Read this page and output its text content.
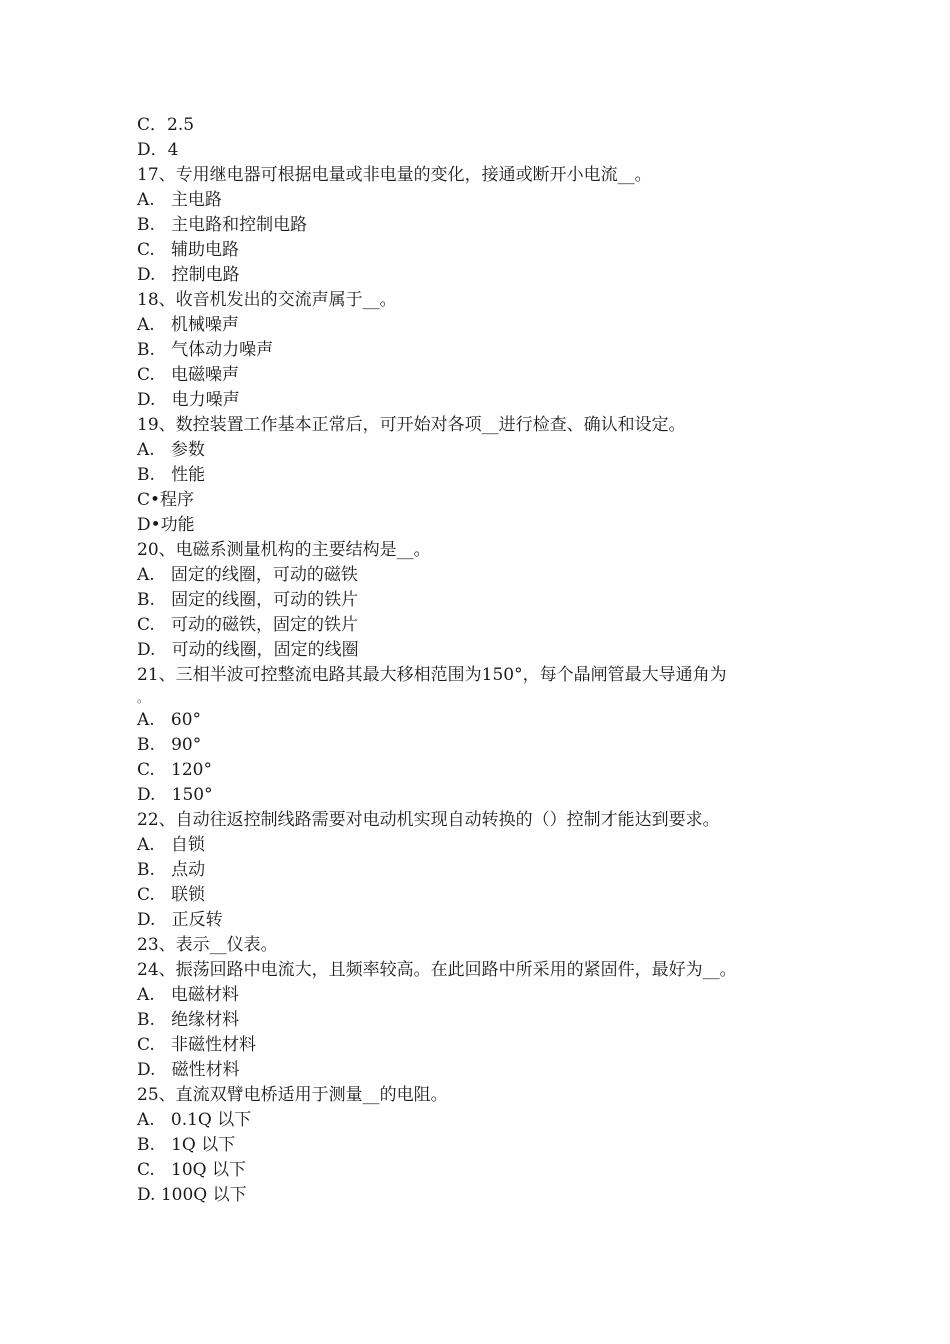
C．2.5
D．4
17、专用继电器可根据电量或非电量的变化，接通或断开小电流__。
A.   主电路
B.   主电路和控制电路
C.   辅助电路
D.   控制电路
18、收音机发出的交流声属于__。
A.   机械噪声
B.   气体动力噪声
C.   电磁噪声
D.   电力噪声
19、数控装置工作基本正常后，可开始对各项__进行检查、确认和设定。
A.   参数
B.   性能
C•程序
D•功能
20、电磁系测量机构的主要结构是__。
A.   固定的线圈，可动的磁铁
B.   固定的线圈，可动的铁片
C.   可动的磁铁，固定的铁片
D.   可动的线圈，固定的线圈
21、三相半波可控整流电路其最大移相范围为150°，每个晶闸管最大导通角为
。
A.   60°
B.   90°
C.   120°
D.   150°
22、自动往返控制线路需要对电动机实现自动转换的（）控制才能达到要求。
A.   自锁
B.   点动
C.   联锁
D.   正反转
23、表示__仪表。
24、振荡回路中电流大，且频率较高。在此回路中所采用的紧固件，最好为__。
A.   电磁材料
B.   绝缘材料
C.   非磁性材料
D.   磁性材料
25、直流双臂电桥适用于测量__的电阻。
A.   0.1Q 以下
B.   1Q 以下
C.   10Q 以下
D. 100Q 以下
